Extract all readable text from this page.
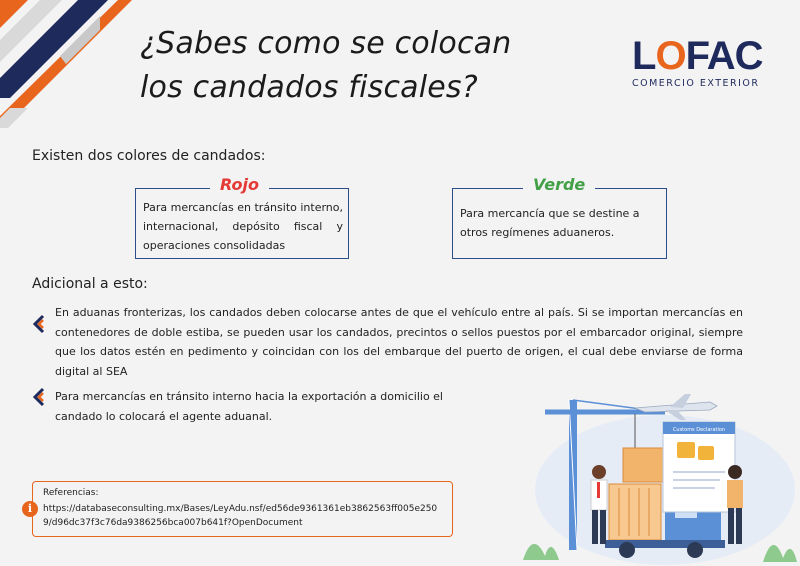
¿Sabes como se colocan
los candados fiscales?
LOFAC
COMERCIO EXTERIOR
Existen dos colores de candados:
Rojo
Para mercancías en tránsito interno, internacional, depósito fiscal y operaciones consolidadas
Verde
Para mercancía que se destine a otros regímenes aduaneros.
Adicional a esto:
En aduanas fronterizas, los candados deben colocarse antes de que el vehículo entre al país. Si se importan mercancías en contenedores de doble estiba, se pueden usar los candados, precintos o sellos puestos por el embarcador original, siempre que los datos estén en pedimento y coincidan con los del embarque del puerto de origen, el cual debe enviarse de forma digital al SEA
Para mercancías en tránsito interno hacia la exportación a domicilio el candado lo colocará el agente aduanal.
i
Referencias:
https://databaseconsulting.mx/Bases/LeyAdu.nsf/ed56de9361361eb3862563ff005e2509/d96dc37f3c76da9386256bca007b641f?OpenDocument
Customs Declaration
